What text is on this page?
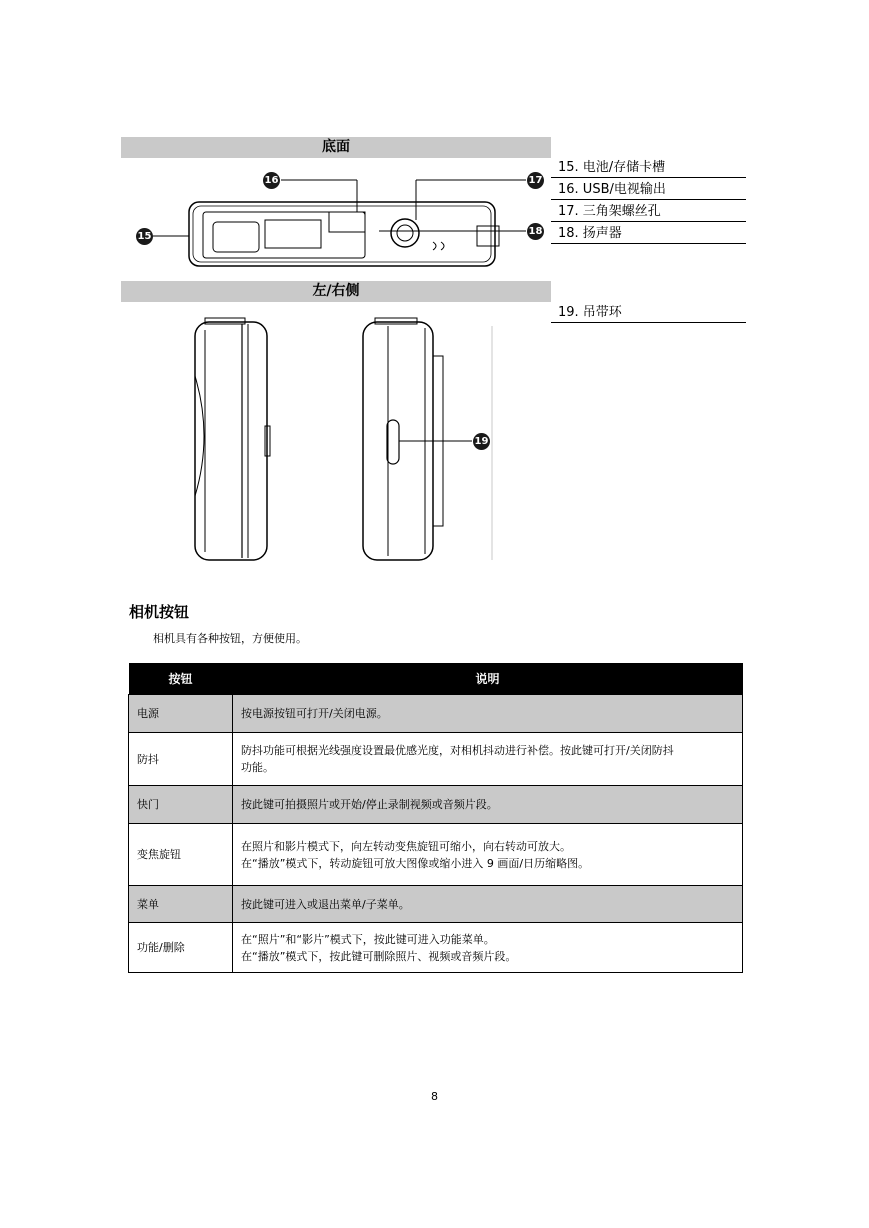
底面
左/右侧
16	17
18
15
19
15. 电池/存储卡槽
16. USB/电视输出
17. 三角架螺丝孔
18. 扬声器
19. 吊带环
相机按钮
相机具有各种按钮，方便使用。
按钮	说明
电源	按电源按钮可打开/关闭电源。

防抖	防抖功能可根据光线强度设置最优感光度，对相机抖动进行补偿。按此键可打开/关闭防抖
功能。

快门	按此键可拍摄照片或开始/停止录制视频或音频片段。

变焦旋钮	在照片和影片模式下，向左转动变焦旋钮可缩小，向右转动可放大。
在“播放”模式下，转动旋钮可放大图像或缩小进入 9 画面/日历缩略图。

菜单	按此键可进入或退出菜单/子菜单。

功能/删除	在“照片”和“影片”模式下，按此键可进入功能菜单。
在“播放”模式下，按此键可删除照片、视频或音频片段。
8
